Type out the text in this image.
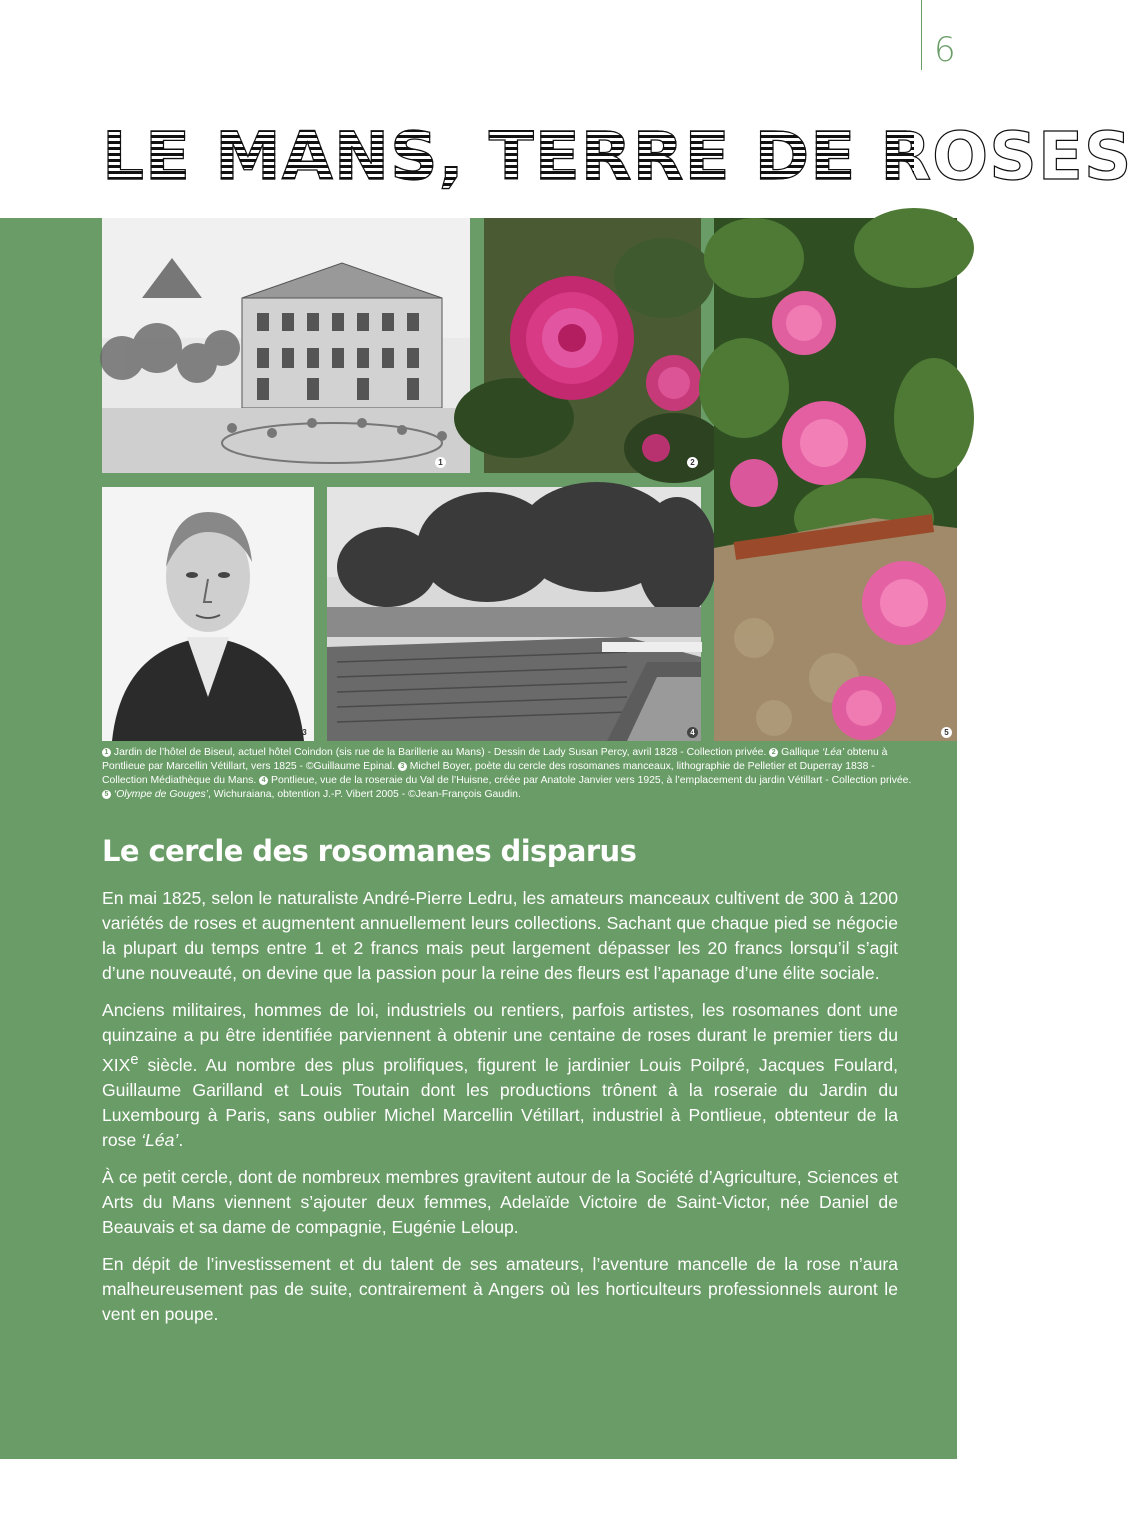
6
LE MANS, TERRE DE ROSES
1	2
3	4	5
1 Jardin de l’hôtel de Biseul, actuel hôtel Coindon (sis rue de la Barillerie au Mans) - Dessin de Lady Susan Percy, avril 1828 - Collection privée. 2 Gallique ‘Léa’ obtenu à Pontlieue par Marcellin Vétillart, vers 1825 - ©Guillaume Epinal. 3 Michel Boyer, poète du cercle des rosomanes manceaux, lithographie de Pelletier et Duperray 1838 - Collection Médiathèque du Mans. 4 Pontlieue, vue de la roseraie du Val de l’Huisne, créée par Anatole Janvier vers 1925, à l’emplacement du jardin Vétillart - Collection privée. 5 ‘Olympe de Gouges’, Wichuraiana, obtention J.-P. Vibert 2005 - ©Jean-François Gaudin.
Le cercle des rosomanes disparus

En mai 1825, selon le naturaliste André-Pierre Ledru, les amateurs manceaux cultivent de 300 à 1200 variétés de roses et augmentent annuellement leurs collections. Sachant que chaque pied se négocie la plupart du temps entre 1 et 2 francs mais peut largement dépasser les 20 francs lorsqu’il s’agit d’une nouveauté, on devine que la passion pour la reine des fleurs est l’apanage d’une élite sociale.

Anciens militaires, hommes de loi, industriels ou rentiers, parfois artistes, les rosomanes dont une quinzaine a pu être identifiée parviennent à obtenir une centaine de roses durant le premier tiers du XIXe siècle. Au nombre des plus prolifiques, figurent le jardinier Louis Poilpré, Jacques Foulard, Guillaume Garilland et Louis Toutain dont les productions trônent à la roseraie du Jardin du Luxembourg à Paris, sans oublier Michel Marcellin Vétillart, industriel à Pontlieue, obtenteur de la rose ‘Léa’.

À ce petit cercle, dont de nombreux membres gravitent autour de la Société d’Agriculture, Sciences et Arts du Mans viennent s’ajouter deux femmes, Adelaïde Victoire de Saint-Victor, née Daniel de Beauvais et sa dame de compagnie, Eugénie Leloup.

En dépit de l’investissement et du talent de ses amateurs, l’aventure mancelle de la rose n’aura malheureusement pas de suite, contrairement à Angers où les horticulteurs professionnels auront le vent en poupe.
